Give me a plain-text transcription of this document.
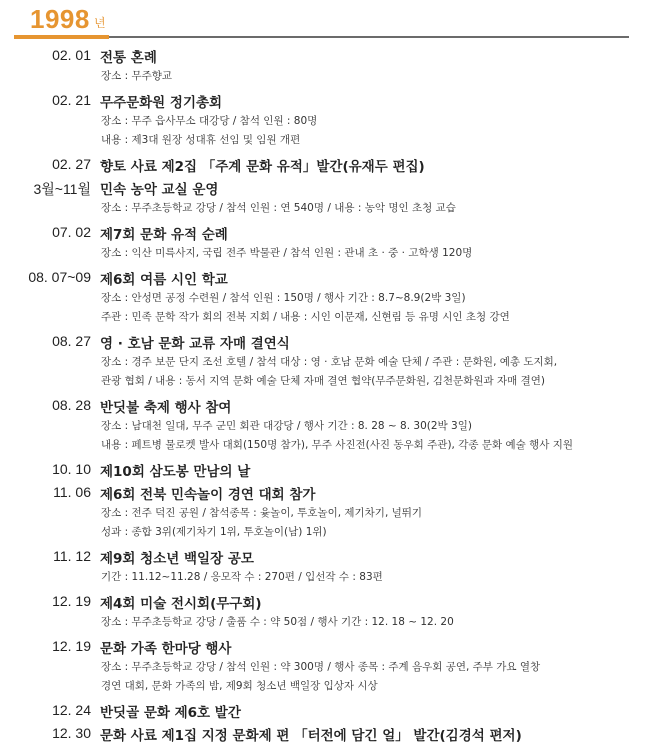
1998 년
02. 01 전통 혼례
장소 : 무주향교
02. 21 무주문화원 정기총회
장소 : 무주 읍사무소 대강당 / 참석 인원 : 80명
내용 : 제3대 원장 성대휴 선임 및 임원 개편
02. 27 향토 사료 제2집 「주계 문화 유적」발간(유재두 편집)
3월~11월 민속 농악 교실 운영
장소 : 무주초등학교 강당 / 참석 인원 : 연 540명 / 내용 : 농악 명인 초청 교습
07. 02 제7회 문화 유적 순례
장소 : 익산 미륵사지, 국립 전주 박물관 / 참석 인원 : 관내 초 · 중 · 고학생 120명
08. 07~09 제6회 여름 시인 학교
장소 : 안성면 공정 수련원 / 참석 인원 : 150명 / 행사 기간 : 8.7~8.9(2박 3일)
주관 : 민족 문학 작가 회의 전북 지회 / 내용 : 시인 이문재, 신현림 등 유명 시인 초청 강연
08. 27 영 · 호남 문화 교류 자매 결연식
장소 : 경주 보문 단지 조선 호텔 / 참석 대상 : 영 · 호남 문화 예술 단체 / 주관 : 문화원, 예총 도지회,
관광 협회 / 내용 : 동서 지역 문화 예술 단체 자매 결연 협약(무주문화원, 김천문화원과 자매 결연)
08. 28 반딧불 축제 행사 참여
장소 : 남대천 일대, 무주 군민 회관 대강당 / 행사 기간 : 8. 28 ~ 8. 30(2박 3일)
내용 : 페트병 물로켓 발사 대회(150명 참가), 무주 사진전(사진 동우회 주관), 각종 문화 예술 행사 지원
10. 10 제10회 삼도봉 만남의 날
11. 06 제6회 전북 민속놀이 경연 대회 참가
장소 : 전주 덕진 공원 / 참석종목 : 윷놀이, 투호놀이, 제기차기, 널뛰기
성과 : 종합 3위(제기차기 1위, 투호놀이(남) 1위)
11. 12 제9회 청소년 백일장 공모
기간 : 11.12~11.28 / 응모작 수 : 270편 / 입선작 수 : 83편
12. 19 제4회 미술 전시회(무구회)
장소 : 무주초등학교 강당 / 출품 수 : 약 50점 / 행사 기간 : 12. 18 ~ 12. 20
12. 19 문화 가족 한마당 행사
장소 : 무주초등학교 강당 / 참석 인원 : 약 300명 / 행사 종목 : 주계 음우회 공연, 주부 가요 열창
경연 대회, 문화 가족의 밤, 제9회 청소년 백일장 입상자 시상
12. 24 반딧골 문화 제6호 발간
12. 30 문화 사료 제1집 지정 문화제 편 「터전에 담긴 얼」 발간(김경석 편저)
